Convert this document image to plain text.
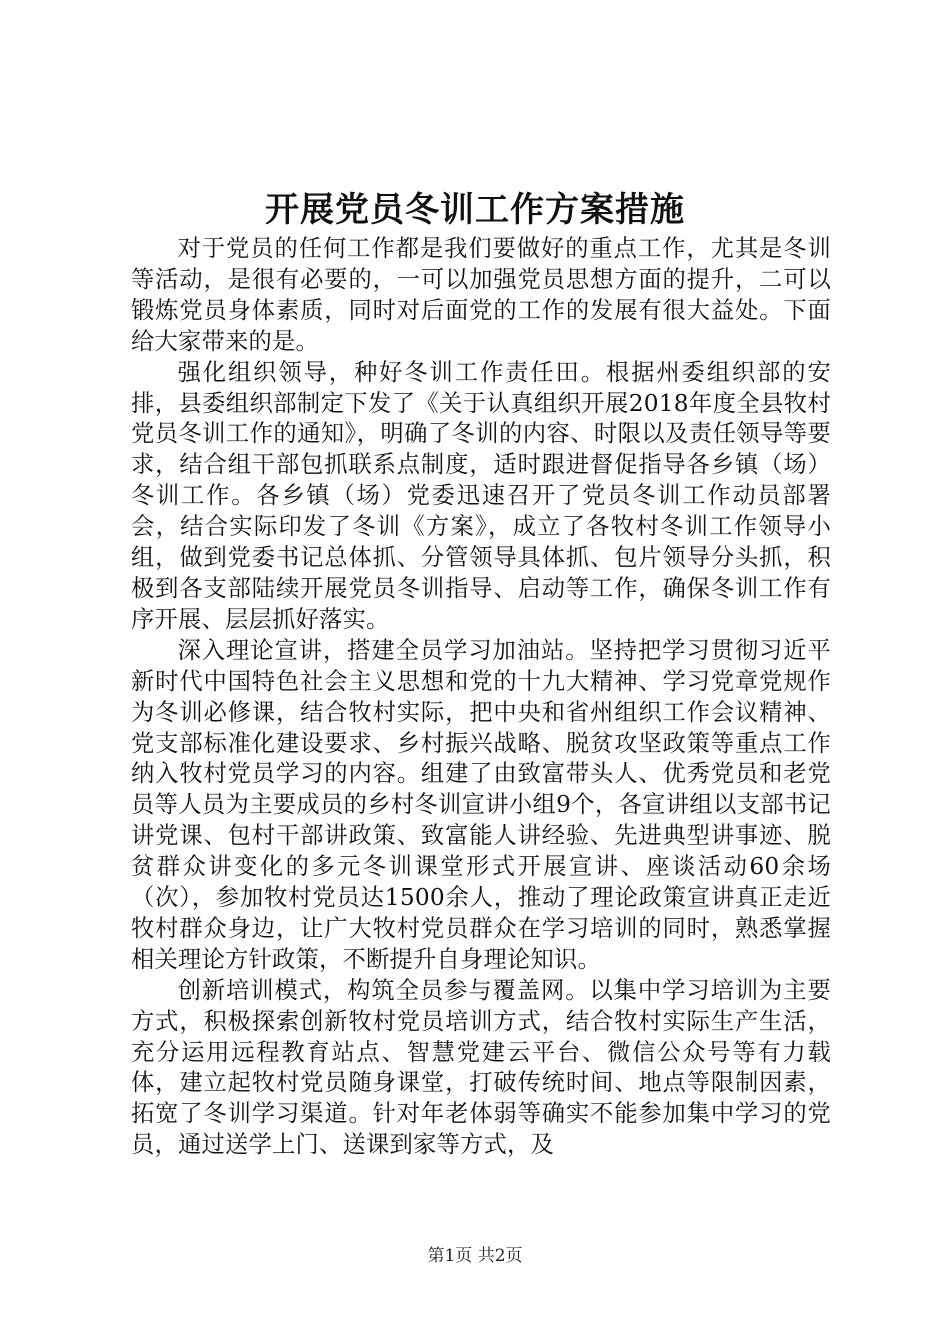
开展党员冬训工作方案措施

对于党员的任何工作都是我们要做好的重点工作，尤其是冬训等活动，是很有必要的，一可以加强党员思想方面的提升，二可以锻炼党员身体素质，同时对后面党的工作的发展有很大益处。下面给大家带来的是。

强化组织领导，种好冬训工作责任田。根据州委组织部的安排，县委组织部制定下发了《关于认真组织开展2018年度全县牧村党员冬训工作的通知》，明确了冬训的内容、时限以及责任领导等要求，结合组干部包抓联系点制度，适时跟进督促指导各乡镇（场）冬训工作。各乡镇（场）党委迅速召开了党员冬训工作动员部署会，结合实际印发了冬训《方案》，成立了各牧村冬训工作领导小组，做到党委书记总体抓、分管领导具体抓、包片领导分头抓，积极到各支部陆续开展党员冬训指导、启动等工作，确保冬训工作有序开展、层层抓好落实。

深入理论宣讲，搭建全员学习加油站。坚持把学习贯彻习近平新时代中国特色社会主义思想和党的十九大精神、学习党章党规作为冬训必修课，结合牧村实际，把中央和省州组织工作会议精神、党支部标准化建设要求、乡村振兴战略、脱贫攻坚政策等重点工作纳入牧村党员学习的内容。组建了由致富带头人、优秀党员和老党员等人员为主要成员的乡村冬训宣讲小组9个，各宣讲组以支部书记讲党课、包村干部讲政策、致富能人讲经验、先进典型讲事迹、脱贫群众讲变化的多元冬训课堂形式开展宣讲、座谈活动60余场（次），参加牧村党员达1500余人，推动了理论政策宣讲真正走近牧村群众身边，让广大牧村党员群众在学习培训的同时，熟悉掌握相关理论方针政策，不断提升自身理论知识。

创新培训模式，构筑全员参与覆盖网。以集中学习培训为主要方式，积极探索创新牧村党员培训方式，结合牧村实际生产生活，充分运用远程教育站点、智慧党建云平台、微信公众号等有力载体，建立起牧村党员随身课堂，打破传统时间、地点等限制因素，拓宽了冬训学习渠道。针对年老体弱等确实不能参加集中学习的党员，通过送学上门、送课到家等方式，及

第1页 共2页
